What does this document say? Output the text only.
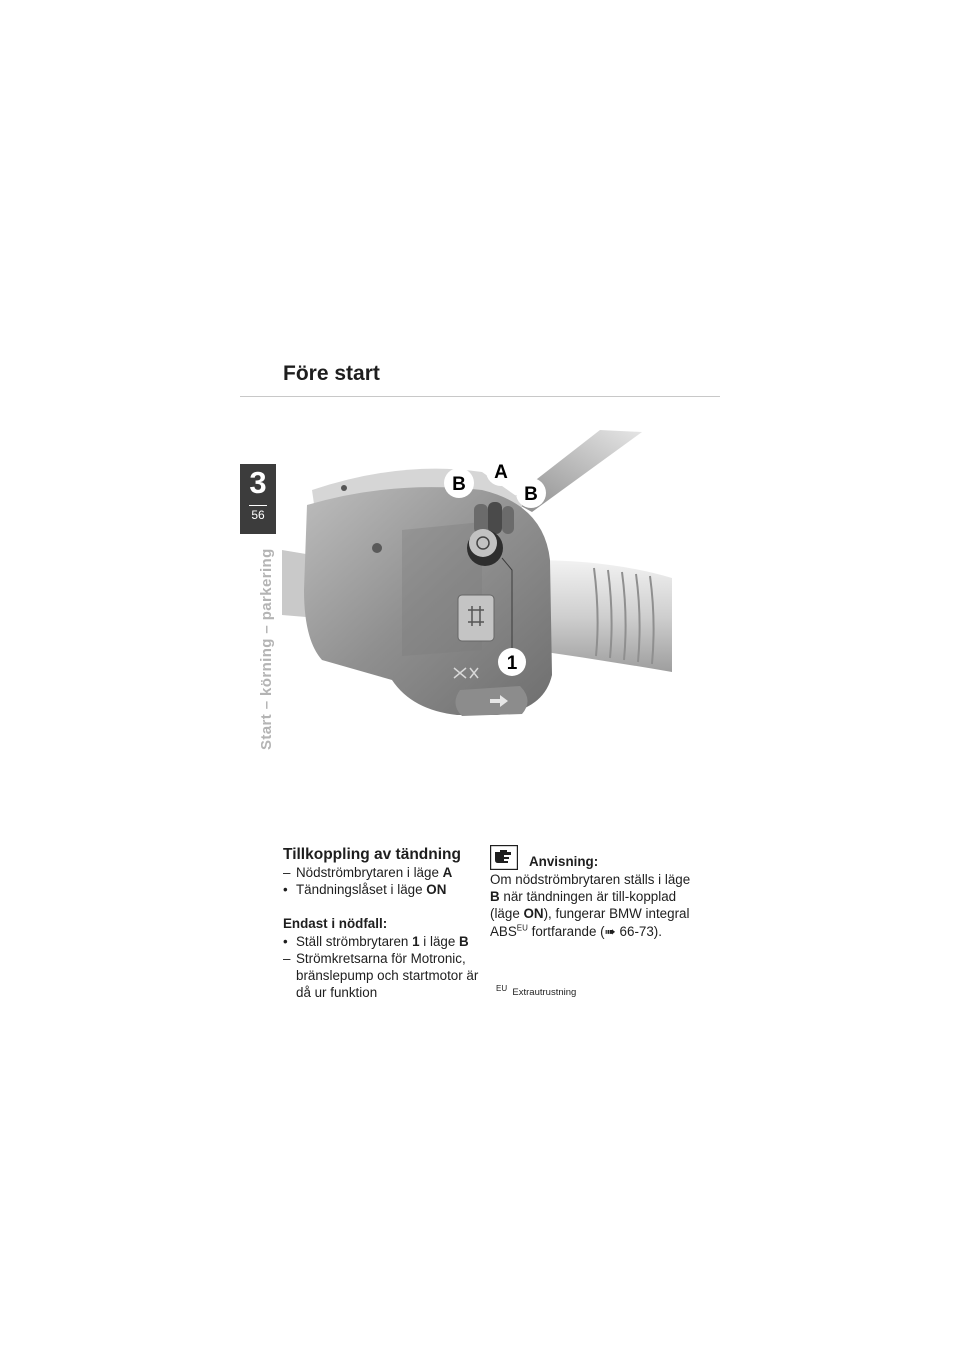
Före start
3
56
Start – körning – parkering
B
A
B
1
Tillkoppling av tändning
– Nödströmbrytaren i läge A
• Tändningslåset i läge ON
Endast i nödfall:
• Ställ strömbrytaren 1 i läge B
– Strömkretsarna för Motronic, bränslepump och startmotor är då ur funktion
Anvisning:
Om nödströmbrytaren ställs i läge B när tändningen är till-kopplad (läge ON), fungerar BMW integral $ABS^{EU}$ fortfarande (➠ 66-73).
$^{EU}$ Extrautrustning
